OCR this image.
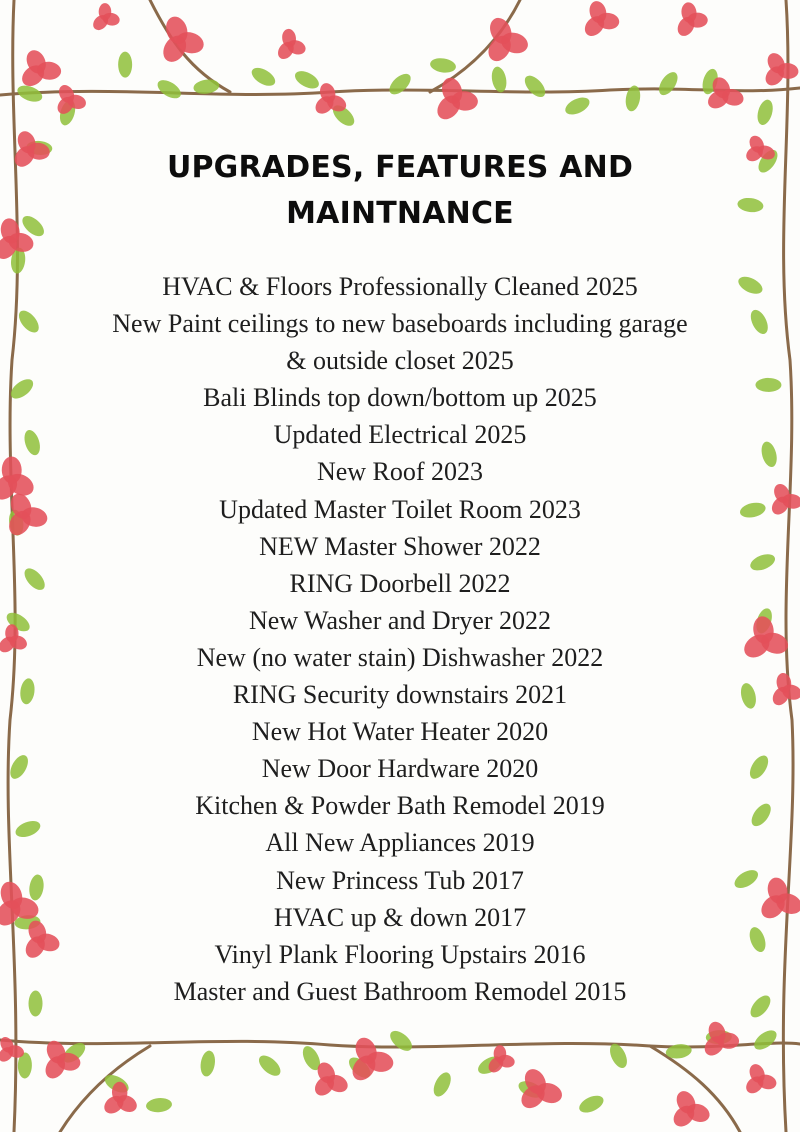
UPGRADES, FEATURES AND
MAINTNANCE
HVAC & Floors Professionally Cleaned 2025
New Paint ceilings to new baseboards including garage
& outside closet 2025
Bali Blinds top down/bottom up 2025
Updated Electrical 2025
New Roof 2023
Updated Master Toilet Room 2023
NEW Master Shower 2022
RING Doorbell 2022
New Washer and Dryer 2022
New (no water stain) Dishwasher 2022
RING Security downstairs 2021
New Hot Water Heater 2020
New Door Hardware 2020
Kitchen & Powder Bath Remodel 2019
All New Appliances 2019
New Princess Tub 2017
HVAC up & down 2017
Vinyl Plank Flooring Upstairs 2016
Master and Guest Bathroom Remodel 2015
